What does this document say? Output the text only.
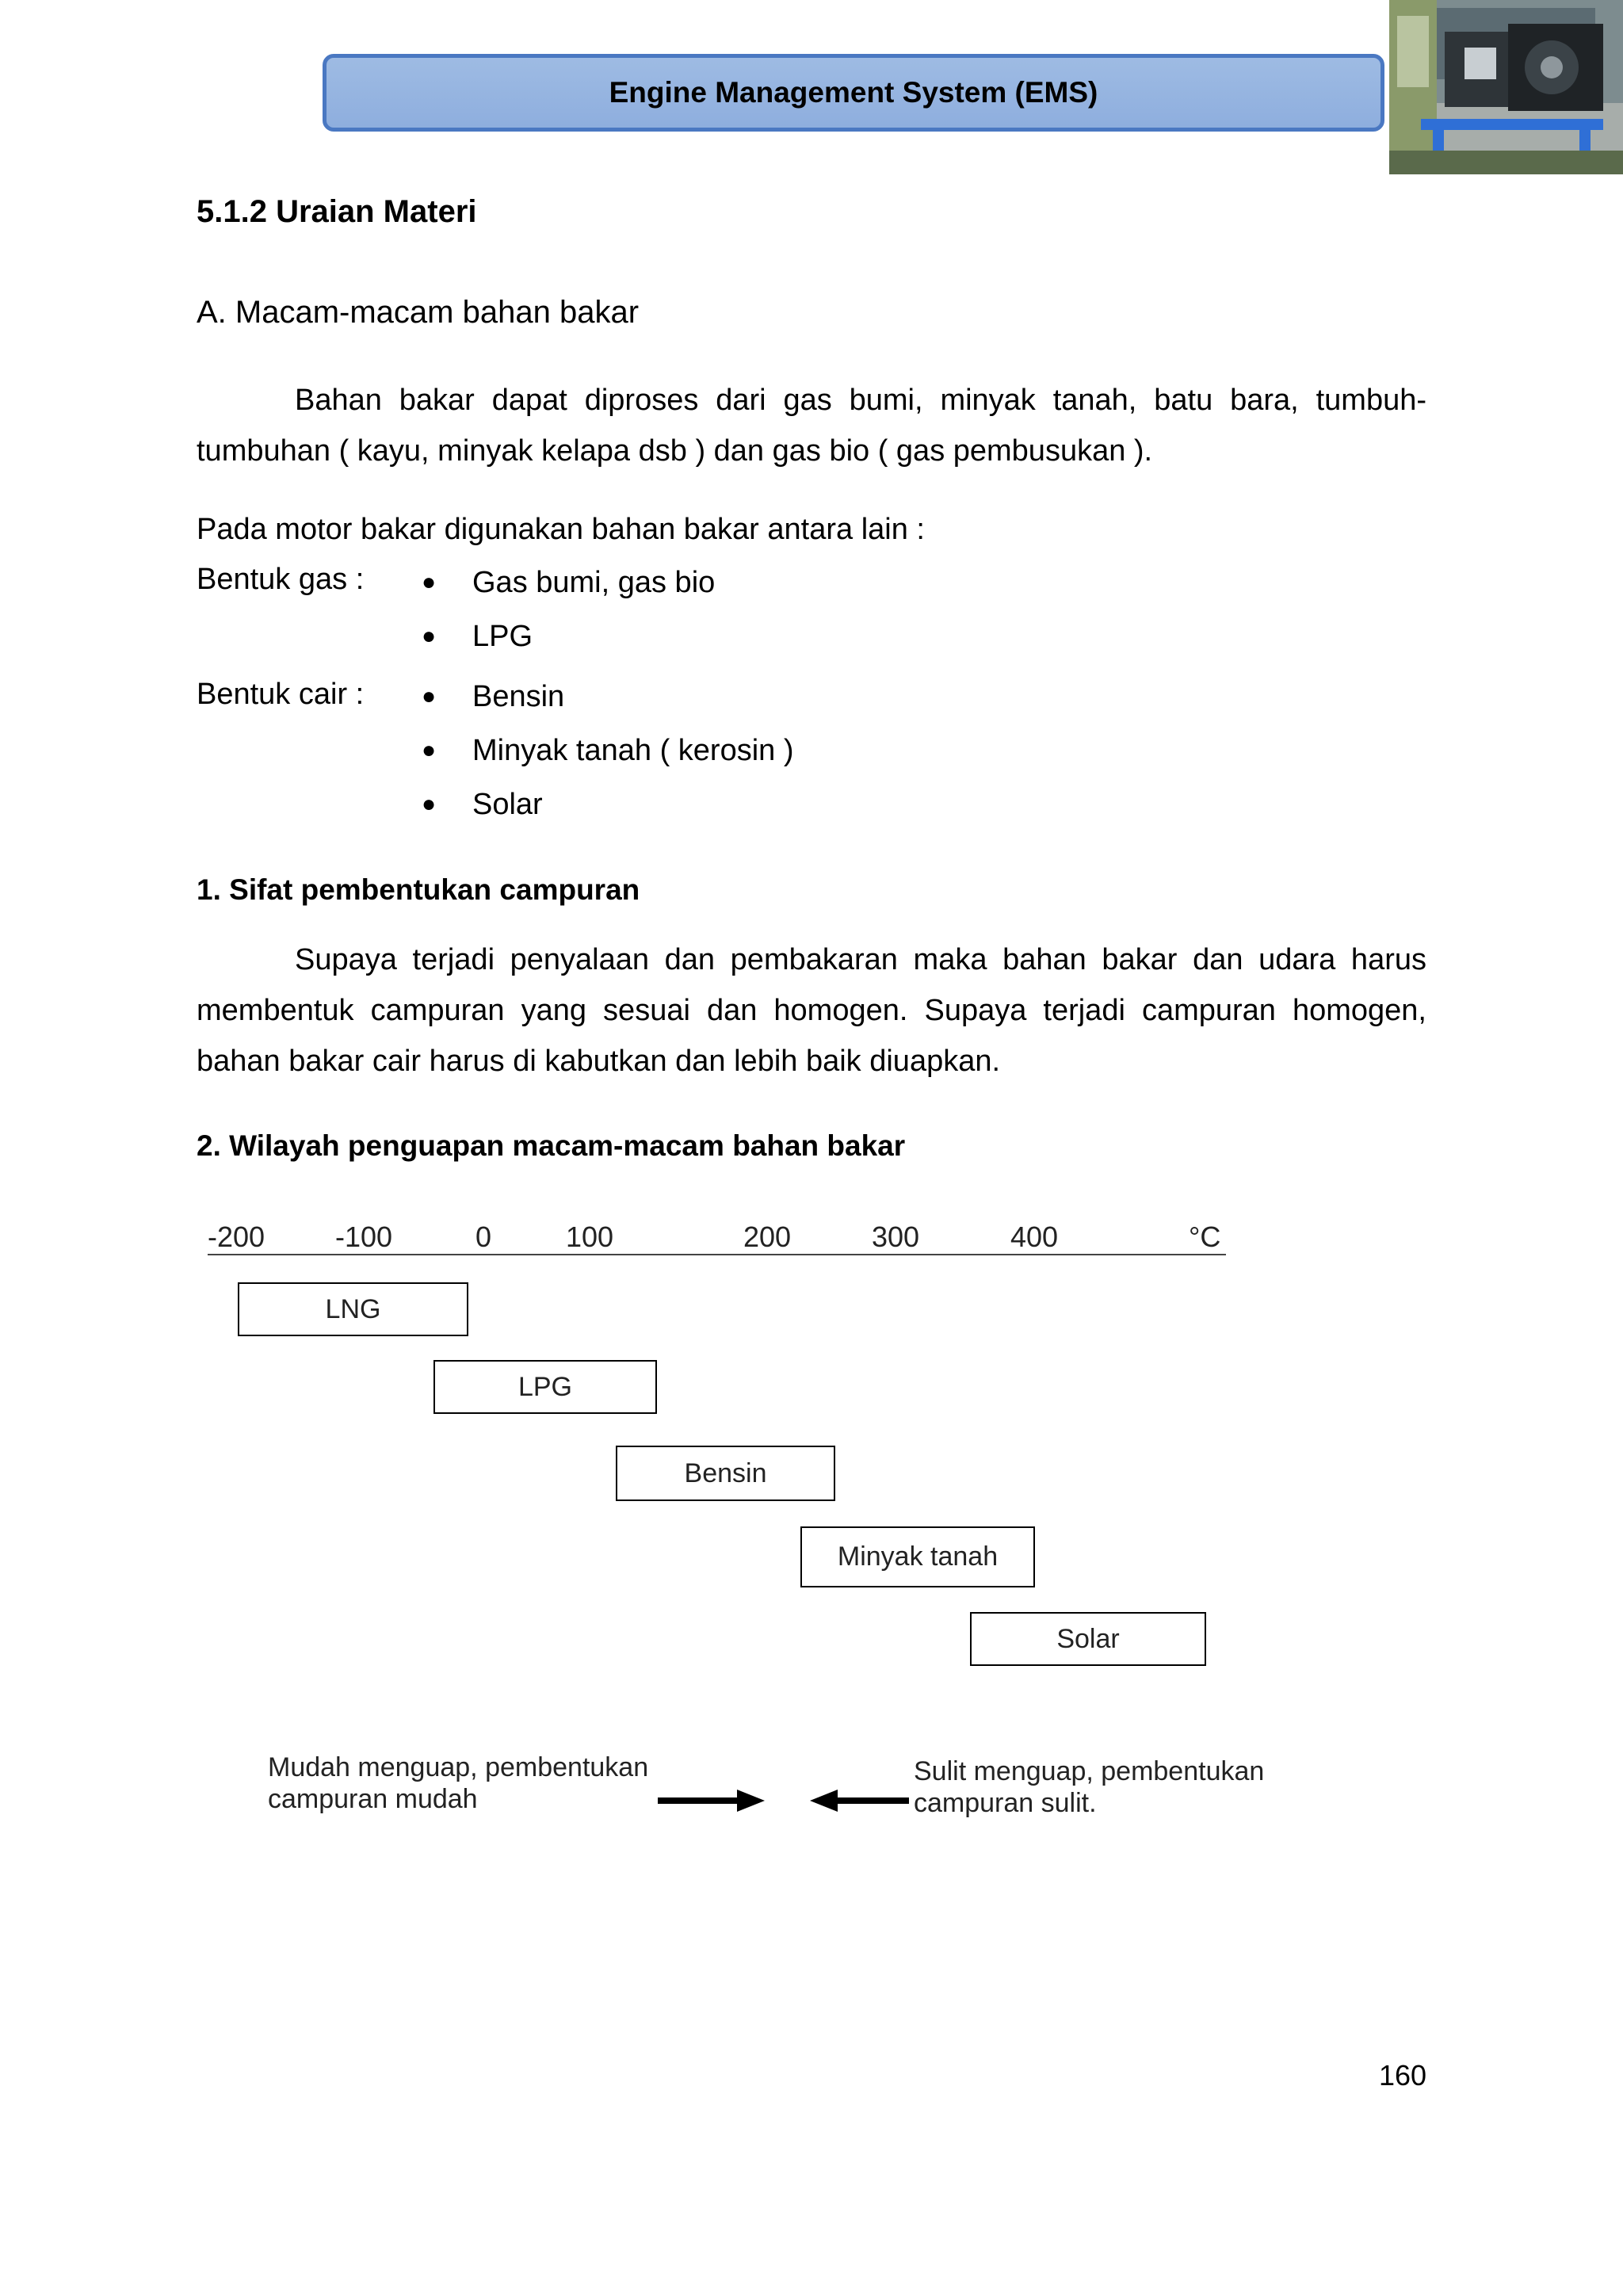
Engine Management System (EMS)
5.1.2 Uraian Materi
A. Macam-macam bahan bakar
Bahan bakar dapat diproses dari gas bumi, minyak tanah, batu bara, tumbuh-tumbuhan ( kayu, minyak kelapa dsb ) dan gas bio ( gas pembusukan ).
Pada motor bakar digunakan bahan bakar antara lain :
Bentuk gas : ● Gas bumi, gas bio
● LPG
Bentuk cair : ● Bensin
● Minyak tanah ( kerosin )
● Solar
1. Sifat pembentukan campuran
Supaya terjadi penyalaan dan pembakaran maka bahan bakar dan udara harus membentuk campuran yang sesuai dan homogen. Supaya terjadi campuran homogen, bahan bakar cair harus di kabutkan dan lebih baik diuapkan.
2. Wilayah penguapan macam-macam bahan bakar
-200 -100	0	100	200	300	400	°C
LNG
LPG
Bensin
Minyak tanah
Solar
Mudah menguap, pembentukan
campuran mudah
Sulit menguap, pembentukan
campuran sulit.
160
